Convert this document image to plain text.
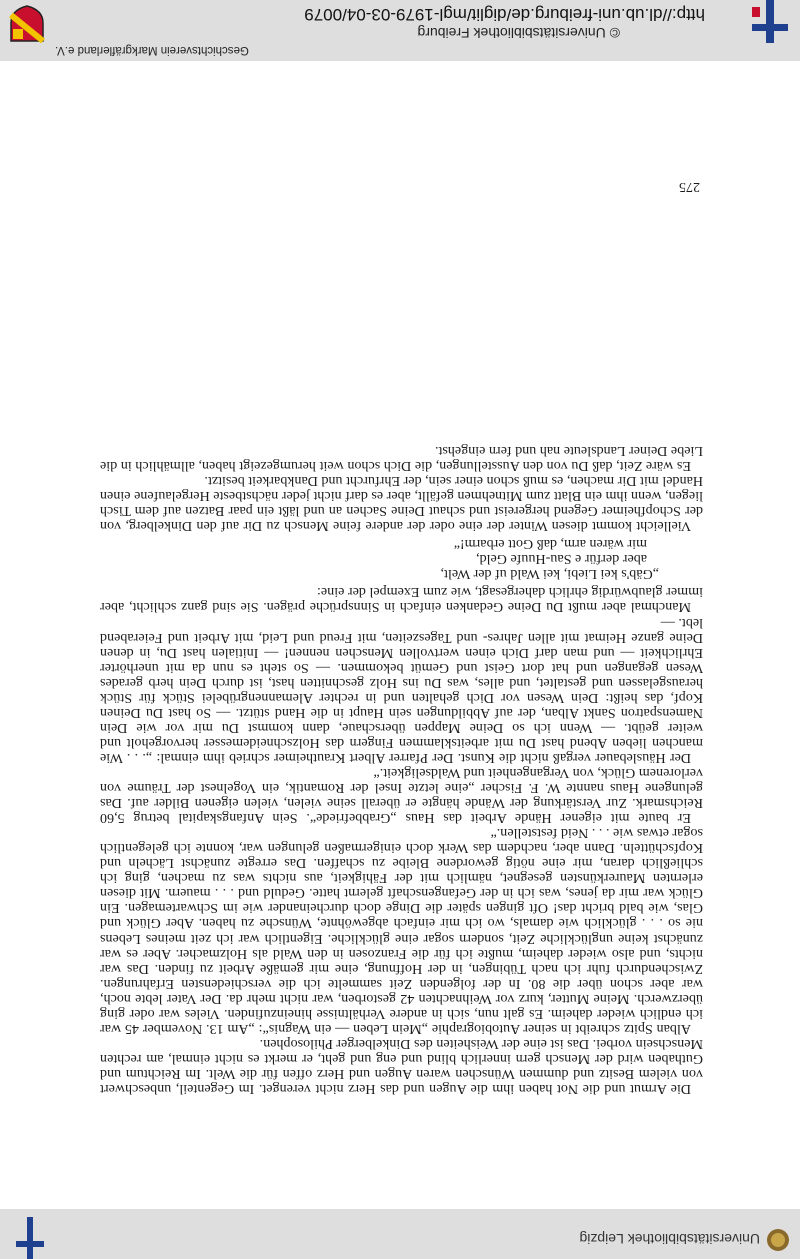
Universitätsbibliothek Leipzig

Die Armut und die Not haben ihm die Augen und das Herz nicht verenget. Im Gegenteil, unbeschwert von vielem Besitz und dummen Wünschen waren Augen und Herz offen für die Welt. Im Reichtum und Guthaben wird der Mensch gern innerlich blind und eng und geht, er merkt es nicht einmal, am rechten Menschsein vorbei. Das ist eine der Weisheiten des Dinkelberger Philosophen.

Alban Spitz schreibt in seiner Autobiographie „Mein Leben — ein Wagnis“: „Am 13. November 45 war ich endlich wieder daheim. Es galt nun, sich in andere Verhältnisse hineinzufinden. Vieles war oder ging überzwerch. Meine Mutter, kurz vor Weihnachten 42 gestorben, war nicht mehr da. Der Vater lebte noch, war aber schon über die 80. In der folgenden Zeit sammelte ich die verschiedensten Erfahrungen. Zwischendurch fuhr ich nach Tübingen, in der Hoffnung, eine mir gemäße Arbeit zu finden. Das war nichts, und also wieder daheim, mußte ich für die Franzosen in den Wald als Holzmacher. Aber es war zunächst keine unglückliche Zeit, sondern sogar eine glückliche. Eigentlich war ich zeit meines Lebens nie so . . . glücklich wie damals, wo ich mir einfach abgewöhnte, Wünsche zu haben. Aber Glück und Glas, wie bald bricht das! Oft gingen später die Dinge doch durcheinander wie im Schwartemagen. Ein Glück war mir da jenes, was ich in der Gefangenschaft gelernt hatte. Geduld und . . . mauern. Mit diesen erlernten Maurerkünsten gesegnet, nämlich mit der Fähigkeit, aus nichts was zu machen, ging ich schließlich daran, mir eine nötig gewordene Bleibe zu schaffen. Das erregte zunächst Lächeln und Kopfschütteln. Dann aber, nachdem das Werk doch einigermaßen gelungen war, konnte ich gelegentlich sogar etwas wie . . . Neid feststellen.“

Er baute mit eigener Hände Arbeit das Haus „Grabbefriede“. Sein Anfangskapital betrug 5,60 Reichsmark. Zur Verstärkung der Wände hängte er überall seine vielen, vielen eigenen Bilder auf. Das gelungene Haus nannte W. F. Fischer „eine letzte Insel der Romantik, ein Vogelnest der Träume von verlorenem Glück, von Vergangenheit und Waldseligkeit.“

Der Häuslebauer vergaß nicht die Kunst. Der Pfarrer Albert Krautheimer schrieb ihm einmal: „. . . Wie manchen lieben Abend hast Du mit arbeitsklammen Fingern das Holzschneidemesser hervorgeholt und weiter geübt. — Wenn ich so Deine Mappen überschaue, dann kommst Du mir vor wie Dein Namenspatron Sankt Alban, der auf Abbildungen sein Haupt in die Hand stützt. — So hast Du Deinen Kopf, das heißt: Dein Wesen vor Dich gehalten und in rechter Alemannengrübelei Stück für Stück herausgelassen und gestaltet, und alles, was Du ins Holz geschnitten hast, ist durch Dein herb gerades Wesen gegangen und hat dort Geist und Gemüt bekommen. — So steht es nun da mit unerhörter Ehrlichkeit — und man darf Dich einen wertvollen Menschen nennen! — Initialen hast Du, in denen Deine ganze Heimat mit allen Jahres- und Tageszeiten, mit Freud und Leid, mit Arbeit und Feierabend lebt. —

Manchmal aber mußt Du Deine Gedanken einfach in Sinnsprüche prägen. Sie sind ganz schlicht, aber immer glaubwürdig ehrlich dahergesagt, wie zum Exempel der eine:

„Gäb's kei Liebi, kei Wald uf der Welt,
aber derfür e Sau-Huufe Geld,
mir wären arm, daß Gott erbarm!“

Vielleicht kommt diesen Winter der eine oder der andere feine Mensch zu Dir auf den Dinkelberg, von der Schopfheimer Gegend hergereist und schaut Deine Sachen an und läßt ein paar Batzen auf dem Tisch liegen, wenn ihm ein Blatt zum Mitnehmen gefällt, aber es darf nicht jeder nächstbeste Hergelaufene einen Handel mit Dir machen, es muß schon einer sein, der Ehrfurcht und Dankbarkeit besitzt.

Es wäre Zeit, daß Du von den Ausstellungen, die Dich schon weit herumgezeigt haben, allmählich in die Liebe Deiner Landsleute nah und fern eingehst.

275
http://dl.ub.uni-freiburg.de/diglit/mgl-1979-03-04/0079
© Universitätsbibliothek Freiburg
Geschichtsverein Markgräflerland e.V.
